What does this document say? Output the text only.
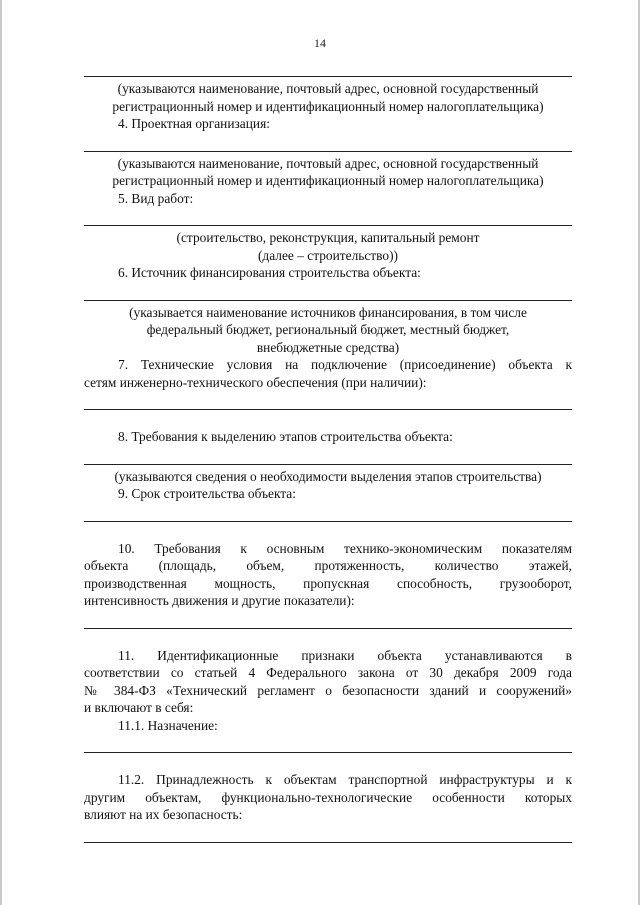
14
(указываются наименование, почтовый адрес, основной государственный
регистрационный номер и идентификационный номер налогоплательщика)
4. Проектная организация:
(указываются наименование, почтовый адрес, основной государственный
регистрационный номер и идентификационный номер налогоплательщика)
5. Вид работ:
(строительство, реконструкция, капитальный ремонт
(далее – строительство))
6. Источник финансирования строительства объекта:
(указывается наименование источников финансирования, в том числе
федеральный бюджет, региональный бюджет, местный бюджет,
внебюджетные средства)
7. Технические условия на подключение (присоединение) объекта к
сетям инженерно-технического обеспечения (при наличии):
8. Требования к выделению этапов строительства объекта:
(указываются сведения о необходимости выделения этапов строительства)
9. Срок строительства объекта:
10. Требования к основным технико-экономическим показателям
объекта (площадь, объем, протяженность, количество этажей,
производственная мощность, пропускная способность, грузооборот,
интенсивность движения и другие показатели):
11. Идентификационные признаки объекта устанавливаются в
соответствии со статьей 4 Федерального закона от 30 декабря 2009 года
№ 384-ФЗ «Технический регламент о безопасности зданий и сооружений»
и включают в себя:
11.1. Назначение:
11.2. Принадлежность к объектам транспортной инфраструктуры и к
другим объектам, функционально-технологические особенности которых
влияют на их безопасность:
